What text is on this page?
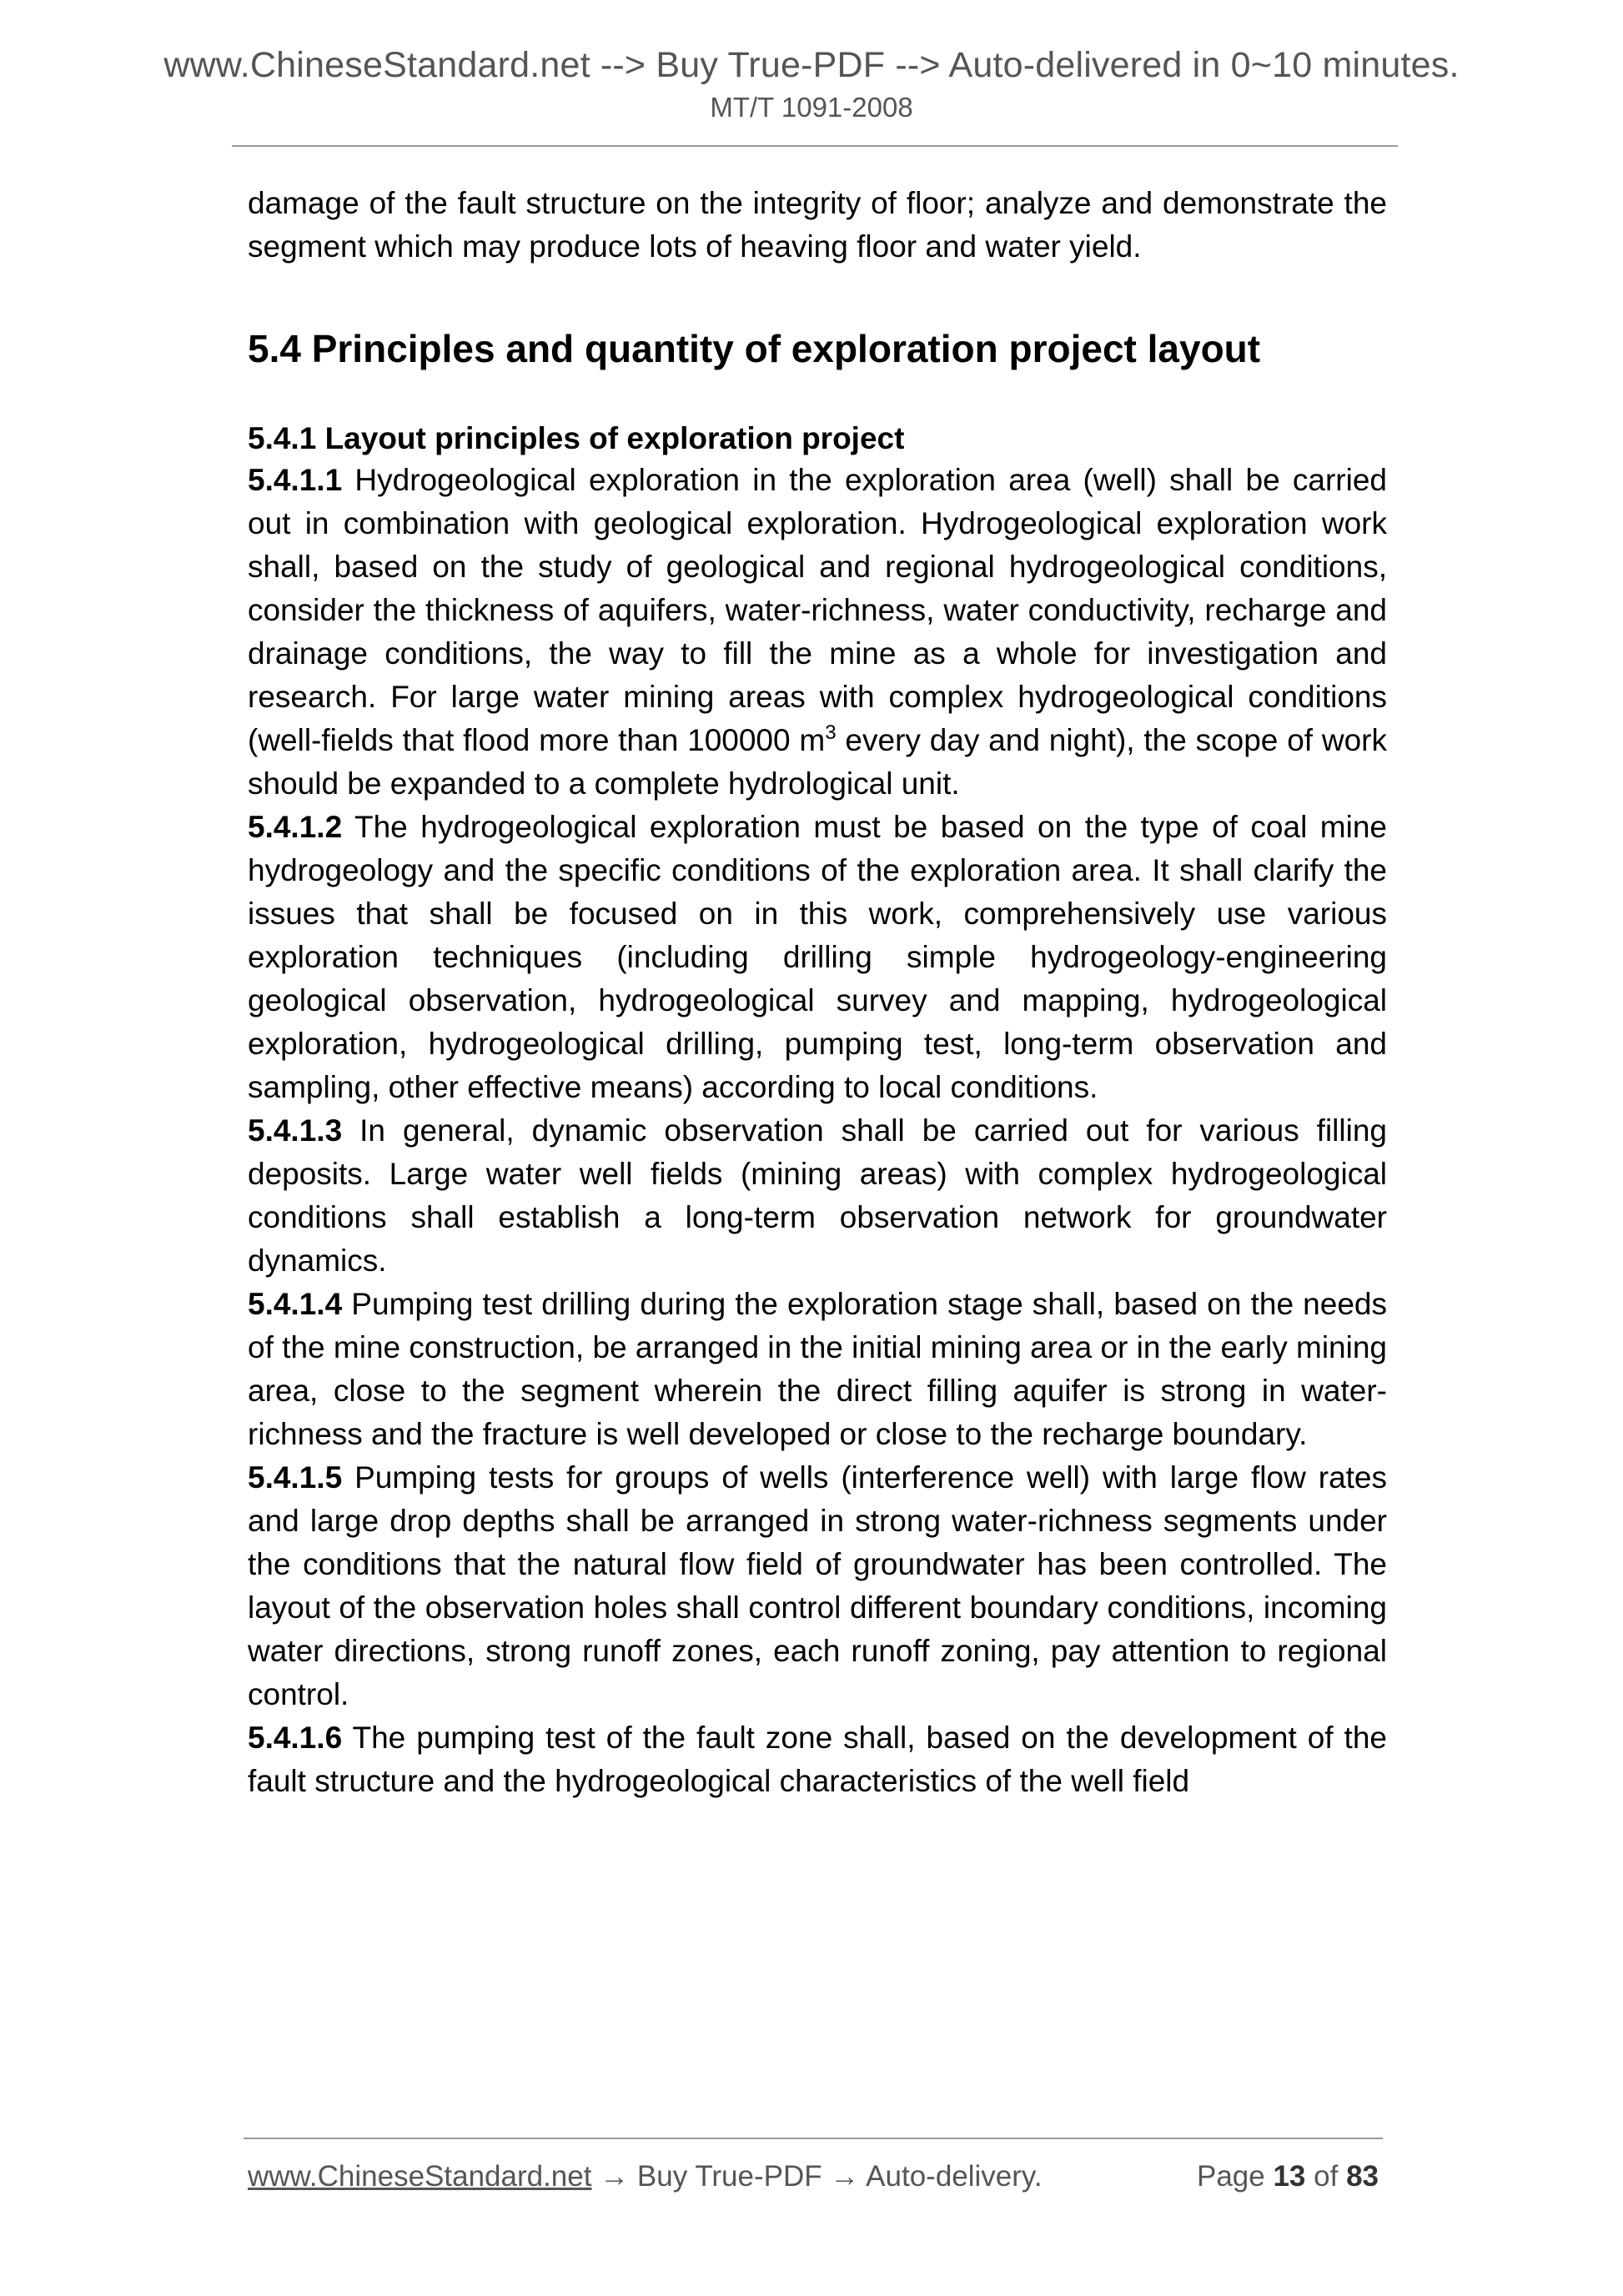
www.ChineseStandard.net --> Buy True-PDF --> Auto-delivered in 0~10 minutes.
MT/T 1091-2008

damage of the fault structure on the integrity of floor; analyze and demonstrate the segment which may produce lots of heaving floor and water yield.

5.4 Principles and quantity of exploration project layout
5.4.1 Layout principles of exploration project

5.4.1.1 Hydrogeological exploration in the exploration area (well) shall be carried out in combination with geological exploration. Hydrogeological exploration work shall, based on the study of geological and regional hydrogeological conditions, consider the thickness of aquifers, water-richness, water conductivity, recharge and drainage conditions, the way to fill the mine as a whole for investigation and research. For large water mining areas with complex hydrogeological conditions (well-fields that flood more than 100000 $m^3$ every day and night), the scope of work should be expanded to a complete hydrological unit.

5.4.1.2 The hydrogeological exploration must be based on the type of coal mine hydrogeology and the specific conditions of the exploration area. It shall clarify the issues that shall be focused on in this work, comprehensively use various exploration techniques (including drilling simple hydrogeology-engineering geological observation, hydrogeological survey and mapping, hydrogeological exploration, hydrogeological drilling, pumping test, long-term observation and sampling, other effective means) according to local conditions.

5.4.1.3 In general, dynamic observation shall be carried out for various filling deposits. Large water well fields (mining areas) with complex hydrogeological conditions shall establish a long-term observation network for groundwater dynamics.

5.4.1.4 Pumping test drilling during the exploration stage shall, based on the needs of the mine construction, be arranged in the initial mining area or in the early mining area, close to the segment wherein the direct filling aquifer is strong in water-richness and the fracture is well developed or close to the recharge boundary.

5.4.1.5 Pumping tests for groups of wells (interference well) with large flow rates and large drop depths shall be arranged in strong water-richness segments under the conditions that the natural flow field of groundwater has been controlled. The layout of the observation holes shall control different boundary conditions, incoming water directions, strong runoff zones, each runoff zoning, pay attention to regional control.

5.4.1.6 The pumping test of the fault zone shall, based on the development of the fault structure and the hydrogeological characteristics of the well field

www.ChineseStandard.net → Buy True-PDF → Auto-delivery.	Page 13 of 83
